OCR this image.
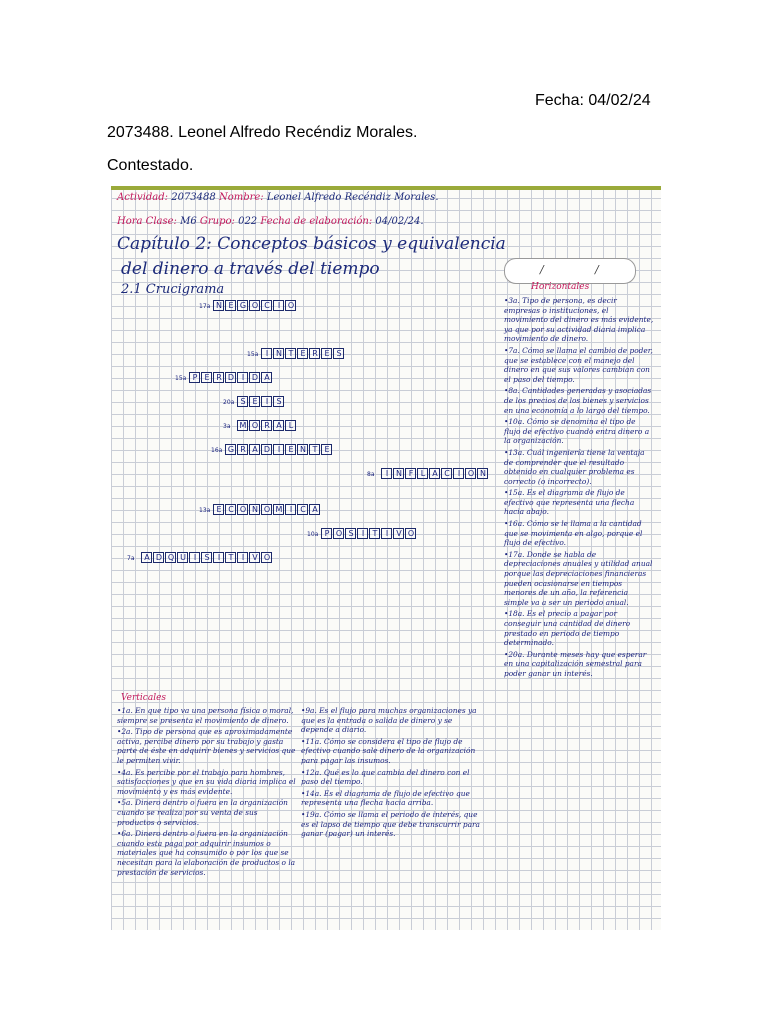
Fecha: 04/02/24
2073488. Leonel Alfredo Recéndiz Morales.
Contestado.
Actividad: 2073488 Nombre: Leonel Alfredo Recéndiz Morales.
Hora Clase: M6 Grupo: 022 Fecha de elaboración: 04/02/24.
Capítulo 2: Conceptos básicos y equivalencia
del dinero a través del tiempo
2.1 Crucigrama
/	/
17a N E G O C	I O
15a I N T E R E S
15a P E R D I D A
20a S E	I	S
3a	M O R A L
16a G R A D I	E N T E
8a	I N F L A C	I O N
13a E C O N O M I	C A
10a P O S	I	T	I	V O
7a	A D Q U I	S	I	T	I	V O
Horizontales

•3a. Tipo de persona, es decir empresas o instituciones, el movimiento del dinero es más evidente, ya que por su actividad diaria implica movimiento de dinero.

•7a. Cómo se llama el cambio de poder, que se establece con el manejo del dinero en que sus valores cambian con el paso del tiempo.

•8a. Cantidades generadas y asociadas de los precios de los bienes y servicios en una economía a lo largo del tiempo.

•10a. Cómo se denomina el tipo de flujo de efectivo cuando entra dinero a la organización.

•13a. Cuál ingeniería tiene la ventaja de comprender que el resultado obtenido en cualquier problema es correcto (o incorrecto).

•15a. Es el diagrama de flujo de efectivo que representa una flecha hacia abajo.

•16a. Cómo se le llama a la cantidad que se movimenta en algo, porque el flujo de efectivo.

•17a. Donde se habla de depreciaciones anuales y utilidad anual porque las depreciaciones financieras pueden ocasionarse en tiempos menores de un año, la referencia simple va a ser un periodo anual.

•18a. Es el precio a pagar por conseguir una cantidad de dinero prestado en periodo de tiempo determinado.

•20a. Durante meses hay que esperar en una capitalización semestral para poder ganar un interés.

Verticales

•1a. En que tipo va una persona física o moral, siempre se presenta el movimiento de dinero.

•2a. Tipo de persona que es aproximadamente activa, percibe dinero por su trabajo y gasta parte de éste en adquirir bienes y servicios que le permiten vivir.

•4a. Es percibe por el trabajo para hombres, satisfacciones y que en su vida diaria implica el movimiento y es más evidente.

•5a. Dinero dentro o fuera en la organización cuando se realiza por su venta de sus productos o servicios.

•6a. Dinero dentro o fuera en la organización cuando esta paga por adquirir insumos o materiales que ha consumido o por los que se necesitan para la elaboración de productos o la prestación de servicios.

•9a. Es el flujo para muchas organizaciones ya que es la entrada o salida de dinero y se depende a diario.

•11a. Cómo se considera el tipo de flujo de efectivo cuando sale dinero de la organización para pagar las insumos.

•12a. Qué es lo que cambia del dinero con el paso del tiempo.

•14a. Es el diagrama de flujo de efectivo que representa una flecha hacia arriba.

•19a. Cómo se llama el periodo de interés, que es el lapso de tiempo que debe transcurrir para ganar (pagar) un interés.
